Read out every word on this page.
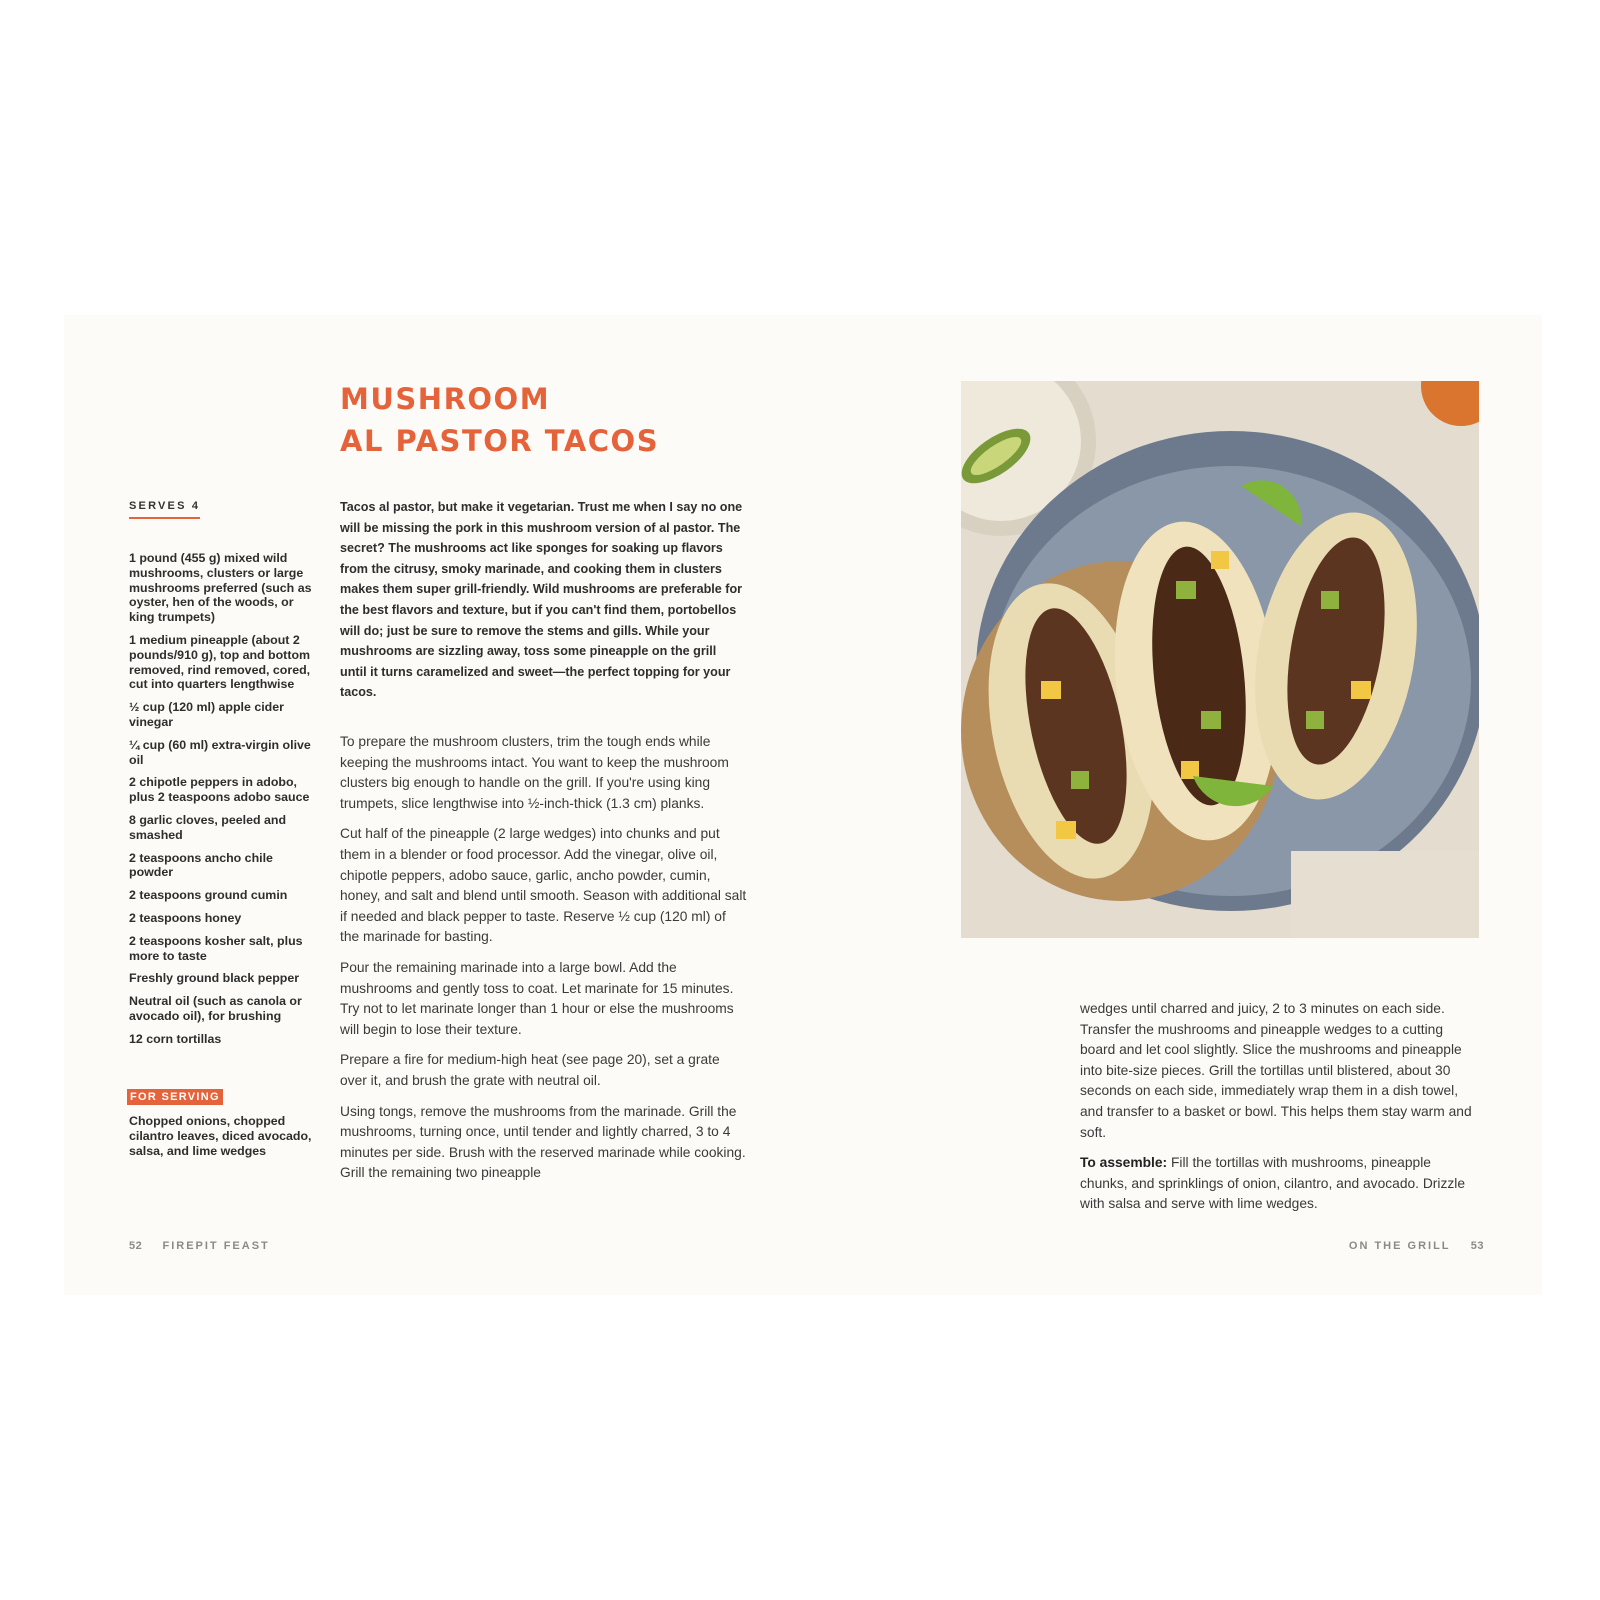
MUSHROOM
AL PASTOR TACOS
SERVES 4
1 pound (455 g) mixed wild mushrooms, clusters or large mushrooms preferred (such as oyster, hen of the woods, or king trumpets)
1 medium pineapple (about 2 pounds/910 g), top and bottom removed, rind removed, cored, cut into quarters lengthwise
½ cup (120 ml) apple cider vinegar
¼ cup (60 ml) extra-virgin olive oil
2 chipotle peppers in adobo, plus 2 teaspoons adobo sauce
8 garlic cloves, peeled and smashed
2 teaspoons ancho chile powder
2 teaspoons ground cumin
2 teaspoons honey
2 teaspoons kosher salt, plus more to taste
Freshly ground black pepper
Neutral oil (such as canola or avocado oil), for brushing
12 corn tortillas
FOR SERVING

Chopped onions, chopped cilantro leaves, diced avocado, salsa, and lime wedges

Tacos al pastor, but make it vegetarian. Trust me when I say no one will be missing the pork in this mushroom version of al pastor. The secret? The mushrooms act like sponges for soaking up flavors from the citrusy, smoky marinade, and cooking them in clusters makes them super grill-friendly. Wild mushrooms are preferable for the best flavors and texture, but if you can't find them, portobellos will do; just be sure to remove the stems and gills. While your mushrooms are sizzling away, toss some pineapple on the grill until it turns caramelized and sweet—the perfect topping for your tacos.

To prepare the mushroom clusters, trim the tough ends while keeping the mushrooms intact. You want to keep the mushroom clusters big enough to handle on the grill. If you're using king trumpets, slice lengthwise into ½-inch-thick (1.3 cm) planks.

Cut half of the pineapple (2 large wedges) into chunks and put them in a blender or food processor. Add the vinegar, olive oil, chipotle peppers, adobo sauce, garlic, ancho powder, cumin, honey, and salt and blend until smooth. Season with additional salt if needed and black pepper to taste. Reserve ½ cup (120 ml) of the marinade for basting.

Pour the remaining marinade into a large bowl. Add the mushrooms and gently toss to coat. Let marinate for 15 minutes. Try not to let marinate longer than 1 hour or else the mushrooms will begin to lose their texture.

Prepare a fire for medium-high heat (see page 20), set a grate over it, and brush the grate with neutral oil.

Using tongs, remove the mushrooms from the marinade. Grill the mushrooms, turning once, until tender and lightly charred, 3 to 4 minutes per side. Brush with the reserved marinade while cooking. Grill the remaining two pineapple

wedges until charred and juicy, 2 to 3 minutes on each side. Transfer the mushrooms and pineapple wedges to a cutting board and let cool slightly. Slice the mushrooms and pineapple into bite-size pieces. Grill the tortillas until blistered, about 30 seconds on each side, immediately wrap them in a dish towel, and transfer to a basket or bowl. This helps them stay warm and soft.

To assemble: Fill the tortillas with mushrooms, pineapple chunks, and sprinklings of onion, cilantro, and avocado. Drizzle with salsa and serve with lime wedges.

52 FIREPIT FEAST	ON THE GRILL 53
